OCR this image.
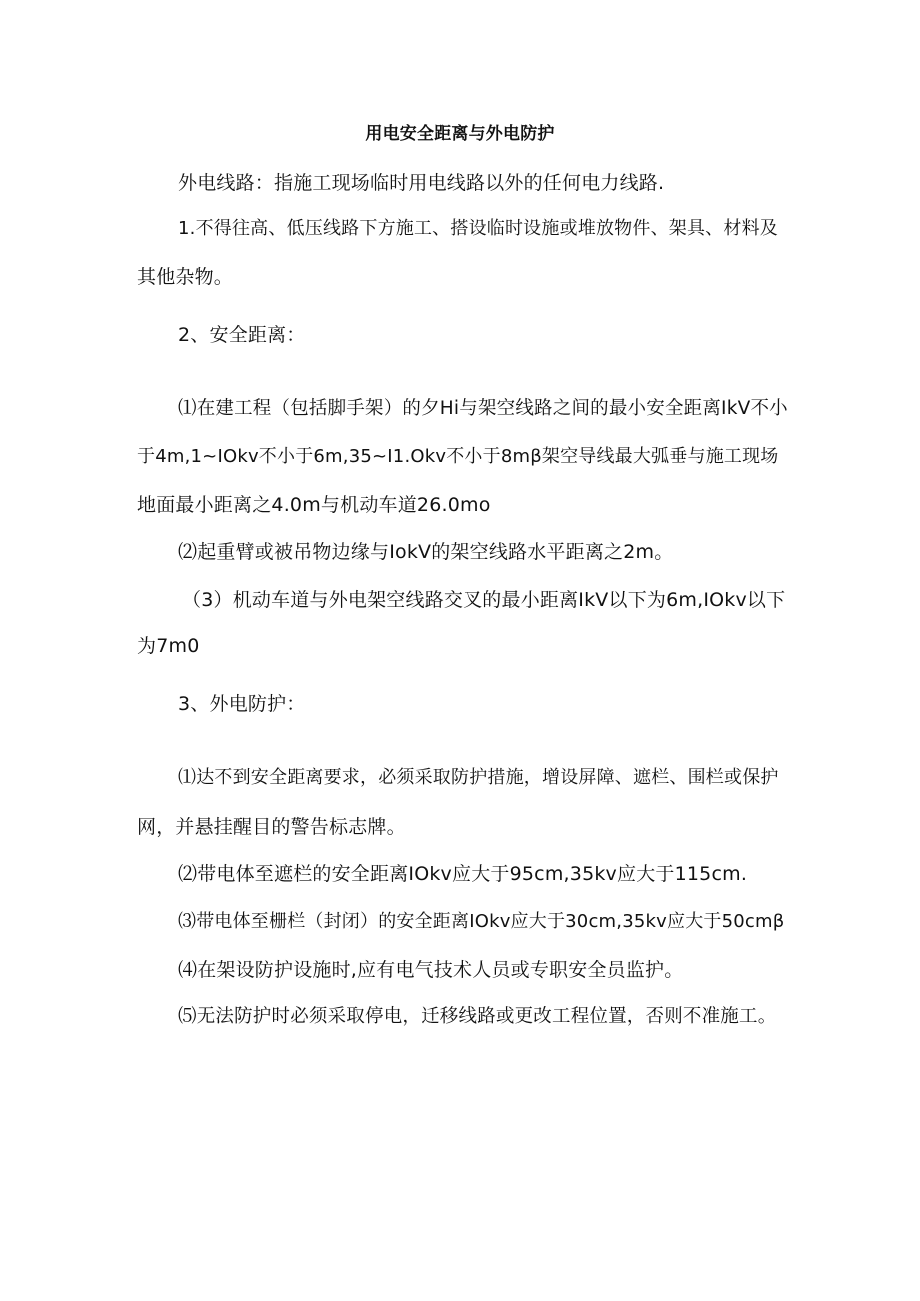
用电安全距离与外电防护
外电线路：指施工现场临时用电线路以外的任何电力线路.
1.不得往高、低压线路下方施工、搭设临时设施或堆放物件、架具、材料及
其他杂物。
2、安全距离：
⑴在建工程（包括脚手架）的夕Hi与架空线路之间的最小安全距离IkV不小
于4m,1~IOkv不小于6m,35~I1.Okv不小于8mβ架空导线最大弧垂与施工现场
地面最小距离之4.0m与机动车道26.0mo
⑵起重臂或被吊物边缘与IokV的架空线路水平距离之2m。
（3）机动车道与外电架空线路交叉的最小距离IkV以下为6m,IOkv以下
为7m0
3、外电防护：
⑴达不到安全距离要求，必须采取防护措施，增设屏障、遮栏、围栏或保护
网，并悬挂醒目的警告标志牌。
⑵带电体至遮栏的安全距离IOkv应大于95cm,35kv应大于115cm.
⑶带电体至栅栏（封闭）的安全距离IOkv应大于30cm,35kv应大于50cmβ
⑷在架设防护设施时,应有电气技术人员或专职安全员监护。
⑸无法防护时必须采取停电，迁移线路或更改工程位置，否则不准施工。
